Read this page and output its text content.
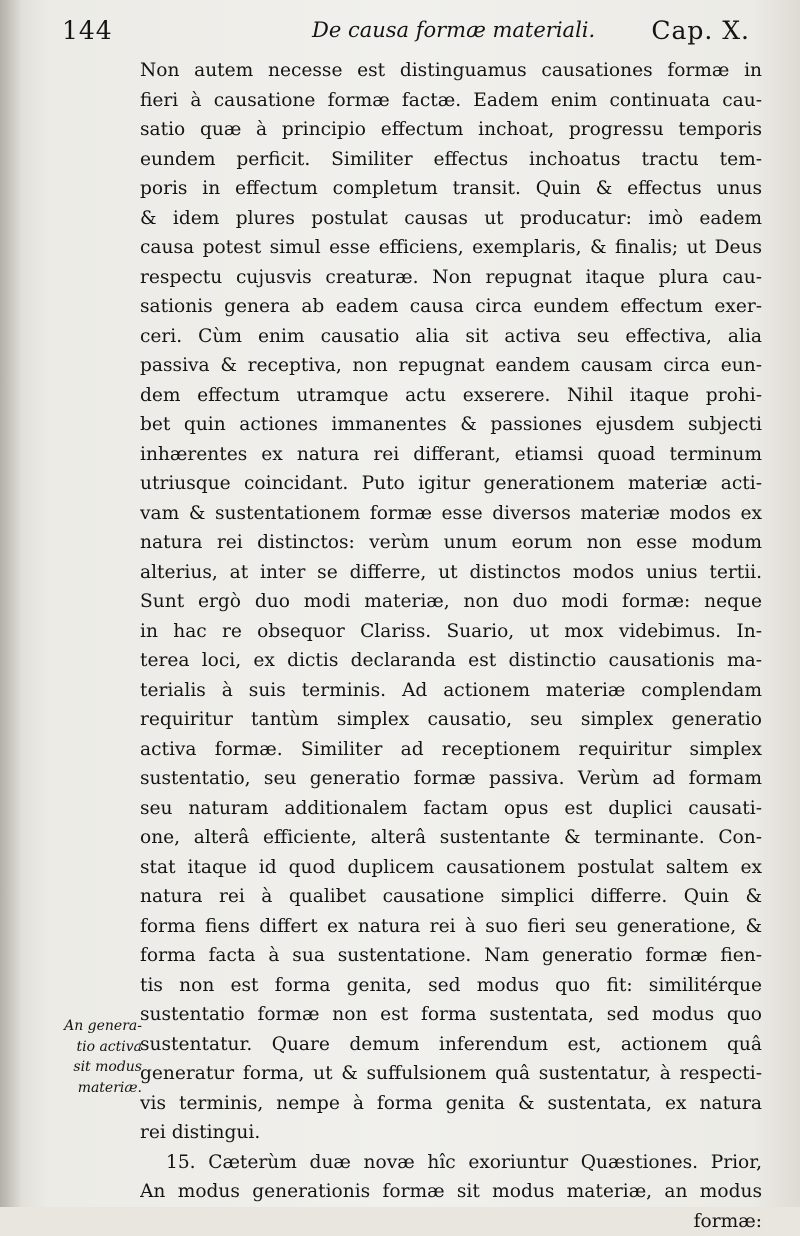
144	De causa formæ materiali. Cap. X.
Non autem necesse est distinguamus causationes formæ in
fieri à causatione formæ factæ. Eadem enim continuata cau-
satio quæ à principio effectum inchoat, progressu temporis
eundem perficit. Similiter effectus inchoatus tractu tem-
poris in effectum completum transit. Quin & effectus unus
& idem plures postulat causas ut producatur: imò eadem
causa potest simul esse efficiens, exemplaris, & finalis; ut Deus
respectu cujusvis creaturæ. Non repugnat itaque plura cau-
sationis genera ab eadem causa circa eundem effectum exer-
ceri. Cùm enim causatio alia sit activa seu effectiva, alia
passiva & receptiva, non repugnat eandem causam circa eun-
dem effectum utramque actu exserere. Nihil itaque prohi-
bet quin actiones immanentes & passiones ejusdem subjecti
inhærentes ex natura rei differant, etiamsi quoad terminum
utriusque coincidant. Puto igitur generationem materiæ acti-
vam & sustentationem formæ esse diversos materiæ modos ex
natura rei distinctos: verùm unum eorum non esse modum
alterius, at inter se differre, ut distinctos modos unius tertii.
Sunt ergò duo modi materiæ, non duo modi formæ: neque
in hac re obsequor Clariss. Suario, ut mox videbimus. In-
terea loci, ex dictis declaranda est distinctio causationis ma-
terialis à suis terminis. Ad actionem materiæ complendam
requiritur tantùm simplex causatio, seu simplex generatio
activa formæ. Similiter ad receptionem requiritur simplex
sustentatio, seu generatio formæ passiva. Verùm ad formam
seu naturam additionalem factam opus est duplici causati-
one, alterâ efficiente, alterâ sustentante & terminante. Con-
stat itaque id quod duplicem causationem postulat saltem ex
natura rei à qualibet causatione simplici differre. Quin &
forma fiens differt ex natura rei à suo fieri seu generatione, &
forma facta à sua sustentatione. Nam generatio formæ fien-
tis non est forma genita, sed modus quo fit: similitérque
sustentatio formæ non est forma sustentata, sed modus quo
sustentatur. Quare demum inferendum est, actionem quâ
generatur forma, ut & suffulsionem quâ sustentatur, à respecti-
vis terminis, nempe à forma genita & sustentata, ex natura
rei distingui.
15. Cæterùm duæ novæ hîc exoriuntur Quæstiones. Prior,
An modus generationis formæ sit modus materiæ, an modus
formæ:
An genera-
tio activa
sit modus
materiæ.
